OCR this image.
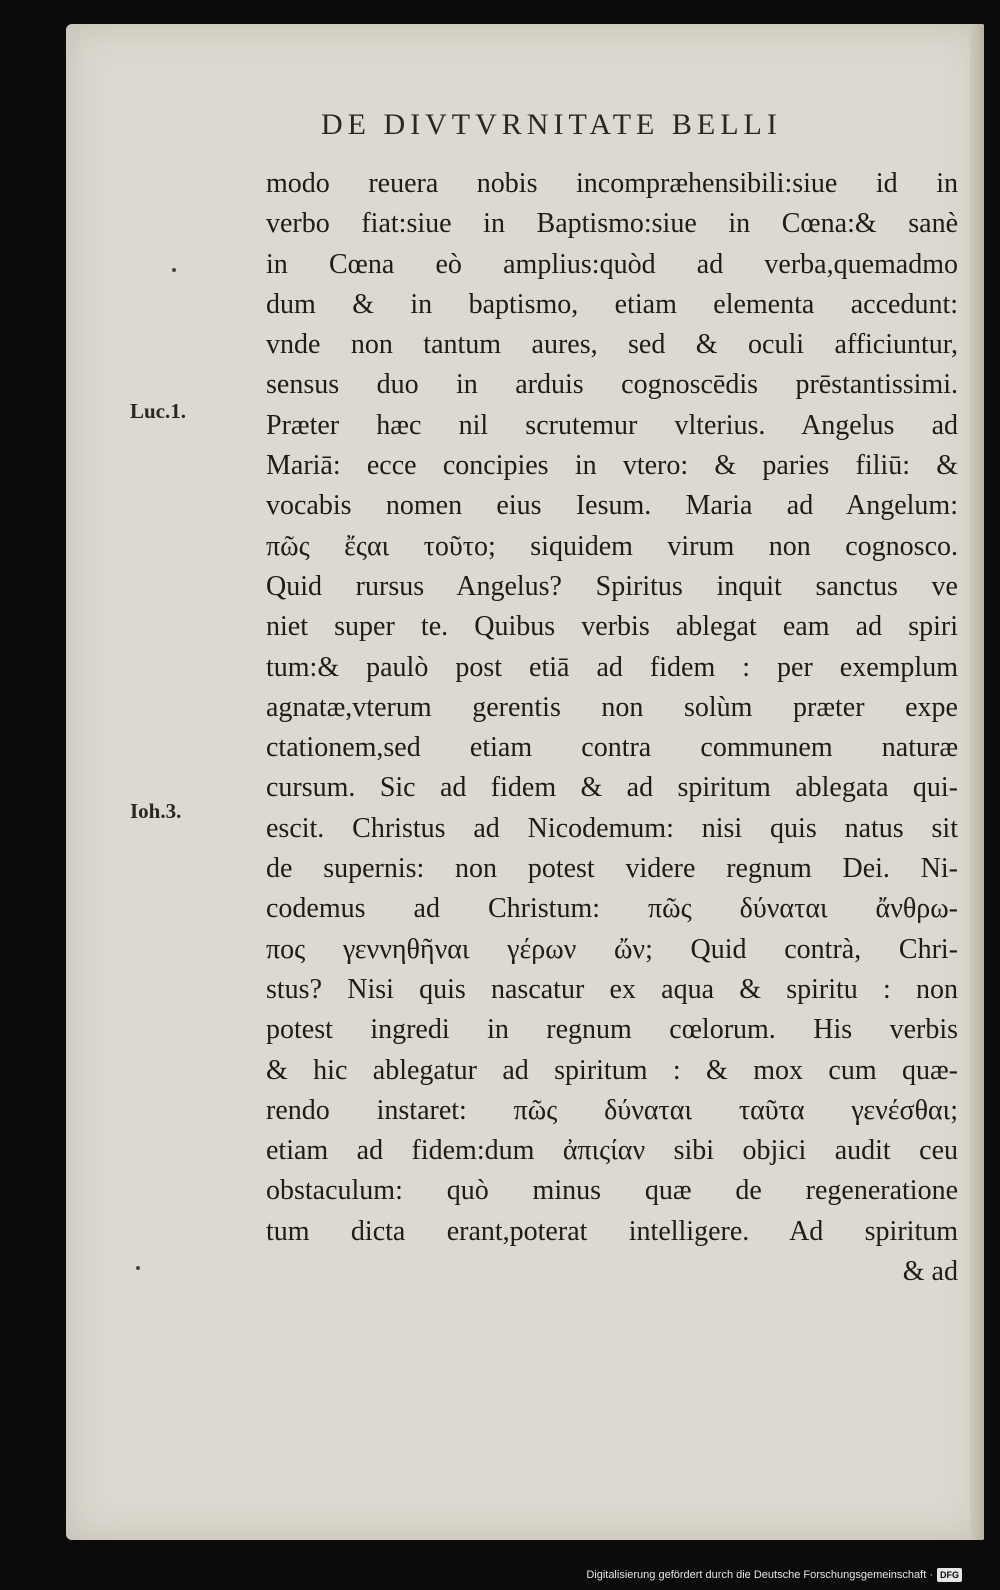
DE DIVTVRNITATE BELLI
Luc.1.
Ioh.3.
modo reuera nobis incompræhensibili:siue id in
verbo fiat:siue in Baptismo:siue in Cœna:& sanè
in Cœna eò amplius:quòd ad verba,quemadmo
dum & in baptismo, etiam elementa accedunt:
vnde non tantum aures, sed & oculi afficiuntur,
sensus duo in arduis cognoscēdis prēstantissimi.
Præter hæc nil scrutemur vlterius. Angelus ad
Mariā: ecce concipies in vtero: & paries filiū: &
vocabis nomen eius Iesum. Maria ad Angelum:
πῶς ἔςαι τοῦτο; siquidem virum non cognosco.
Quid rursus Angelus? Spiritus inquit sanctus ve
niet super te. Quibus verbis ablegat eam ad spiri
tum:& paulò post etiā ad fidem : per exemplum
agnatæ,vterum gerentis non solùm præter expe
ctationem,sed etiam contra communem naturæ
cursum. Sic ad fidem & ad spiritum ablegata qui-
escit. Christus ad Nicodemum: nisi quis natus sit
de supernis: non potest videre regnum Dei. Ni-
codemus ad Christum: πῶς δύναται ἄνθρω-
πος γεννηθῆναι γέρων ὤν; Quid contrà, Chri-
stus? Nisi quis nascatur ex aqua & spiritu : non
potest ingredi in regnum cœlorum. His verbis
& hic ablegatur ad spiritum : & mox cum quæ-
rendo instaret: πῶς δύναται ταῦτα γενέσθαι;
etiam ad fidem:dum ἀπιςίαν sibi objici audit ceu
obstaculum: quò minus quæ de regeneratione
tum dicta erant,poterat intelligere. Ad spiritum
& ad
Digitalisierung gefördert durch die Deutsche Forschungsgemeinschaft · DFG
